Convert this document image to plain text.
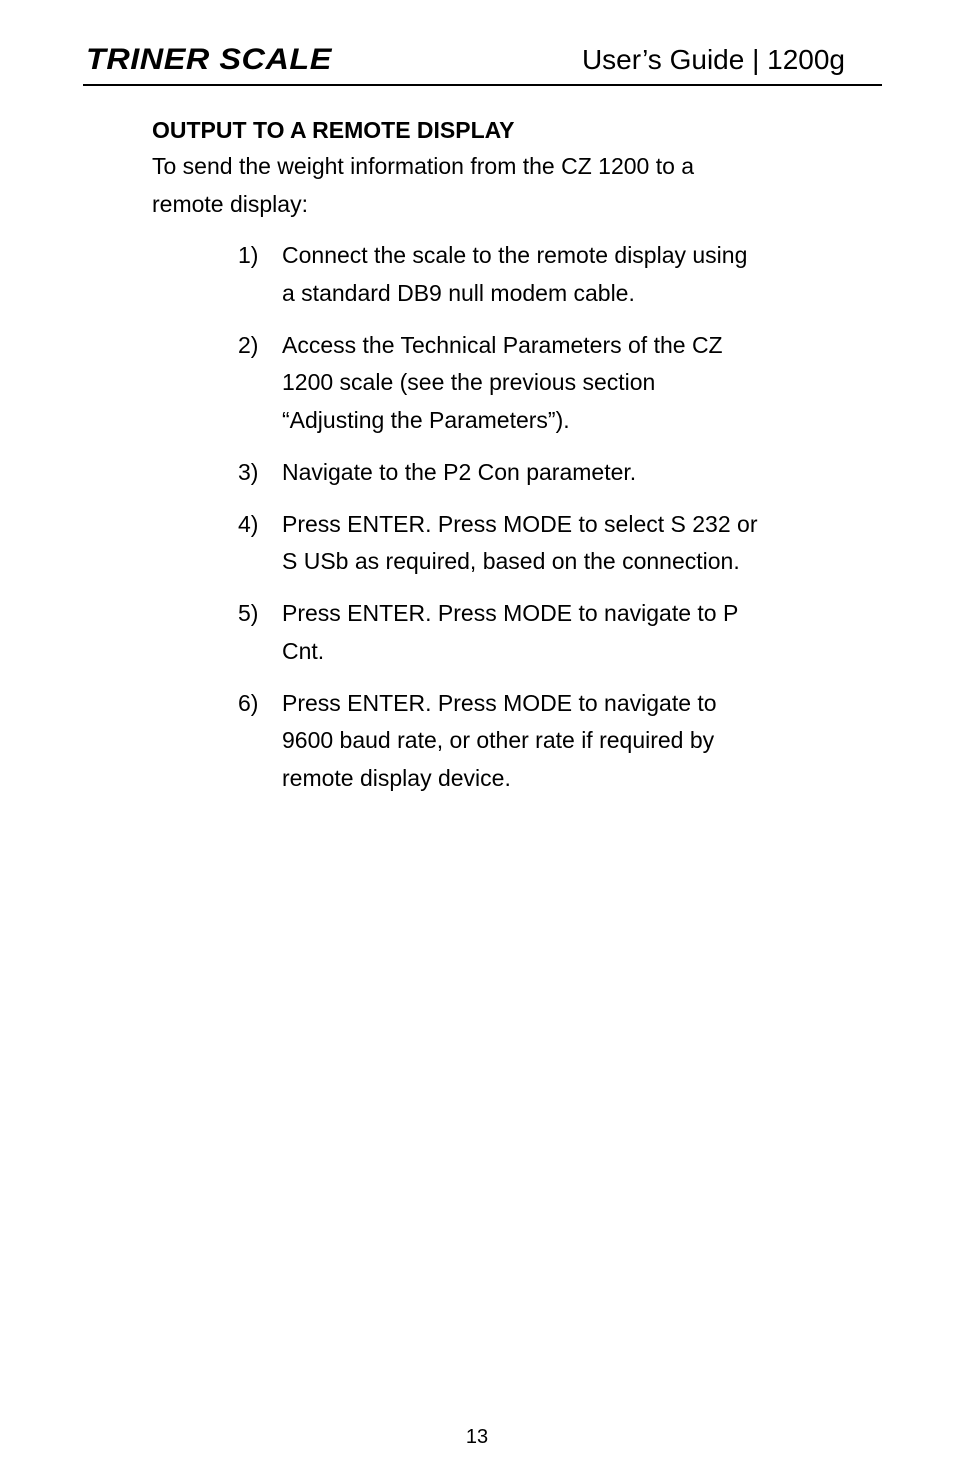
TRINER SCALE	User’s Guide | 1200g
OUTPUT TO A REMOTE DISPLAY

To send the weight information from the CZ 1200 to a remote display:

1) Connect the scale to the remote display using a standard DB9 null modem cable.
2) Access the Technical Parameters of the CZ 1200 scale (see the previous section “Adjusting the Parameters”).
3) Navigate to the P2 Con parameter.
4) Press ENTER. Press MODE to select S 232 or S USb as required, based on the connection.
5) Press ENTER. Press MODE to navigate to P Cnt.
6) Press ENTER. Press MODE to navigate to 9600 baud rate, or other rate if required by remote display device.
13
